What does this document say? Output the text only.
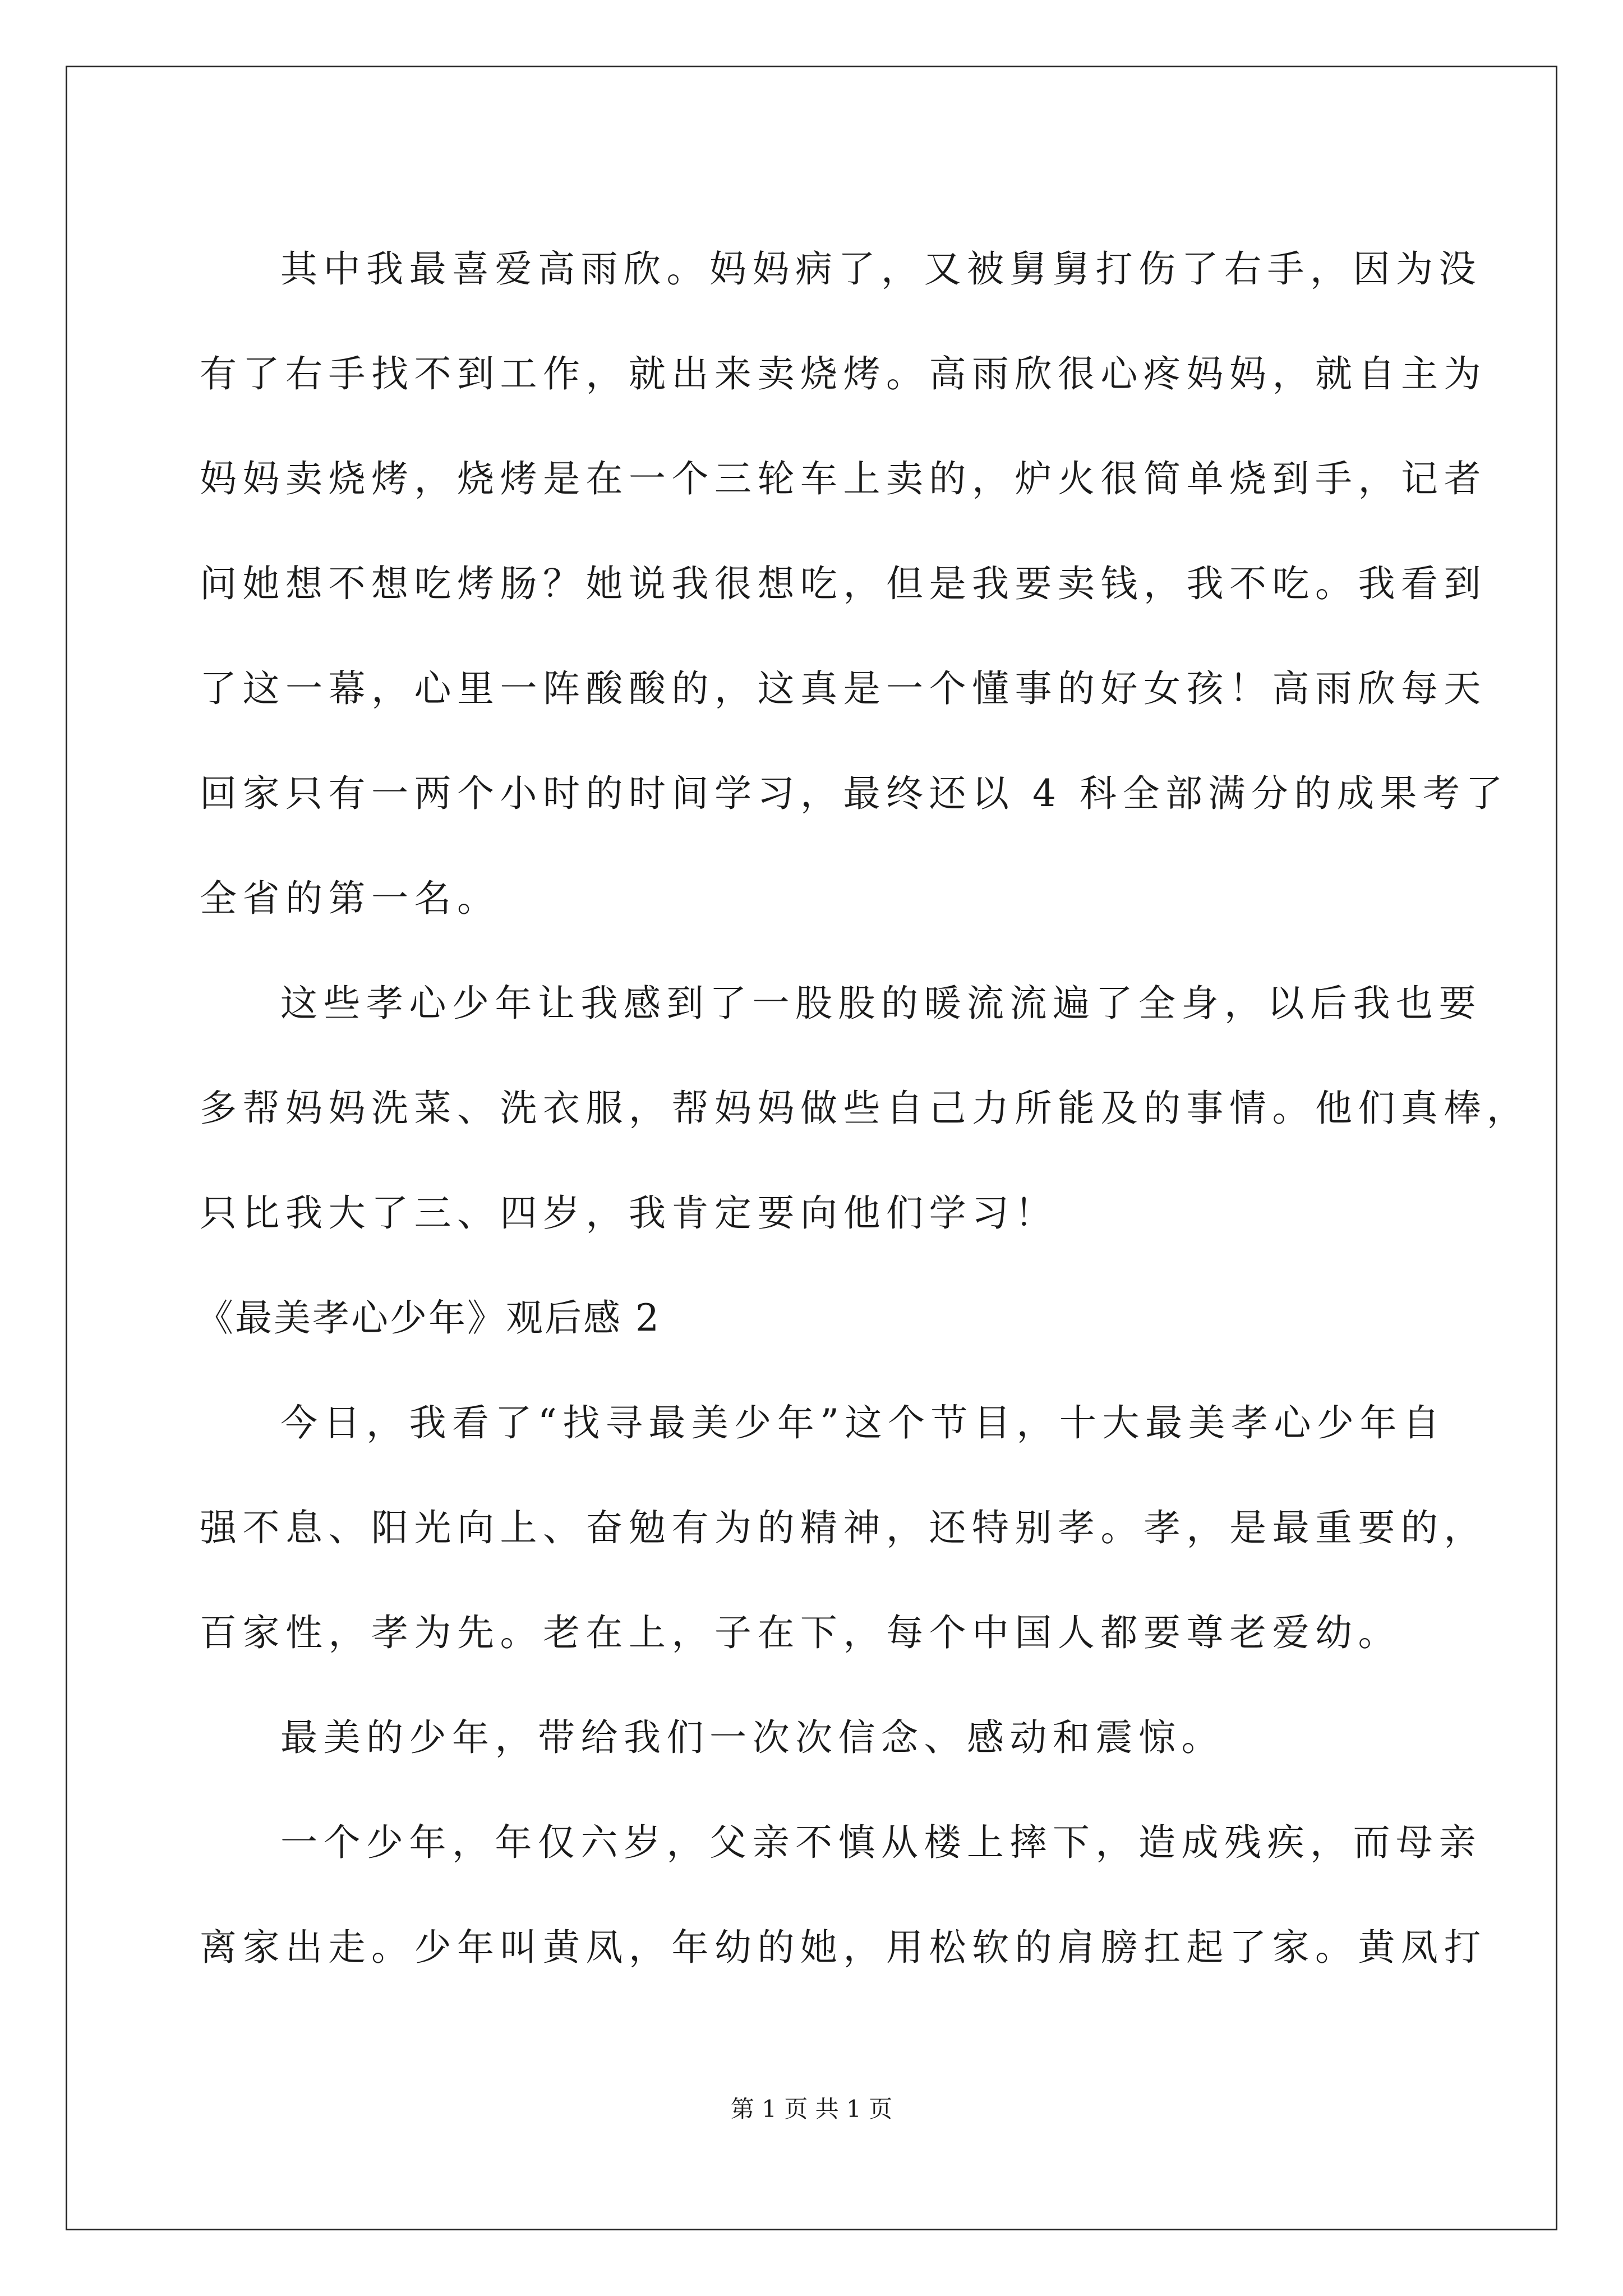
其中我最喜爱高雨欣。妈妈病了，又被舅舅打伤了右手，因为没
有了右手找不到工作，就出来卖烧烤。高雨欣很心疼妈妈，就自主为
妈妈卖烧烤，烧烤是在一个三轮车上卖的，炉火很简单烧到手，记者
问她想不想吃烤肠？她说我很想吃，但是我要卖钱，我不吃。我看到
了这一幕，心里一阵酸酸的，这真是一个懂事的好女孩！高雨欣每天
回家只有一两个小时的时间学习，最终还以 4 科全部满分的成果考了
全省的第一名。

这些孝心少年让我感到了一股股的暖流流遍了全身，以后我也要
多帮妈妈洗菜、洗衣服，帮妈妈做些自己力所能及的事情。他们真棒，
只比我大了三、四岁，我肯定要向他们学习！

《最美孝心少年》观后感 2

今日，我看了“找寻最美少年”这个节目，十大最美孝心少年自
强不息、阳光向上、奋勉有为的精神，还特别孝。孝，是最重要的，
百家性，孝为先。老在上，子在下，每个中国人都要尊老爱幼。

最美的少年，带给我们一次次信念、感动和震惊。

一个少年，年仅六岁，父亲不慎从楼上摔下，造成残疾，而母亲
离家出走。少年叫黄凤，年幼的她，用松软的肩膀扛起了家。黄凤打

第 1 页 共 1 页
